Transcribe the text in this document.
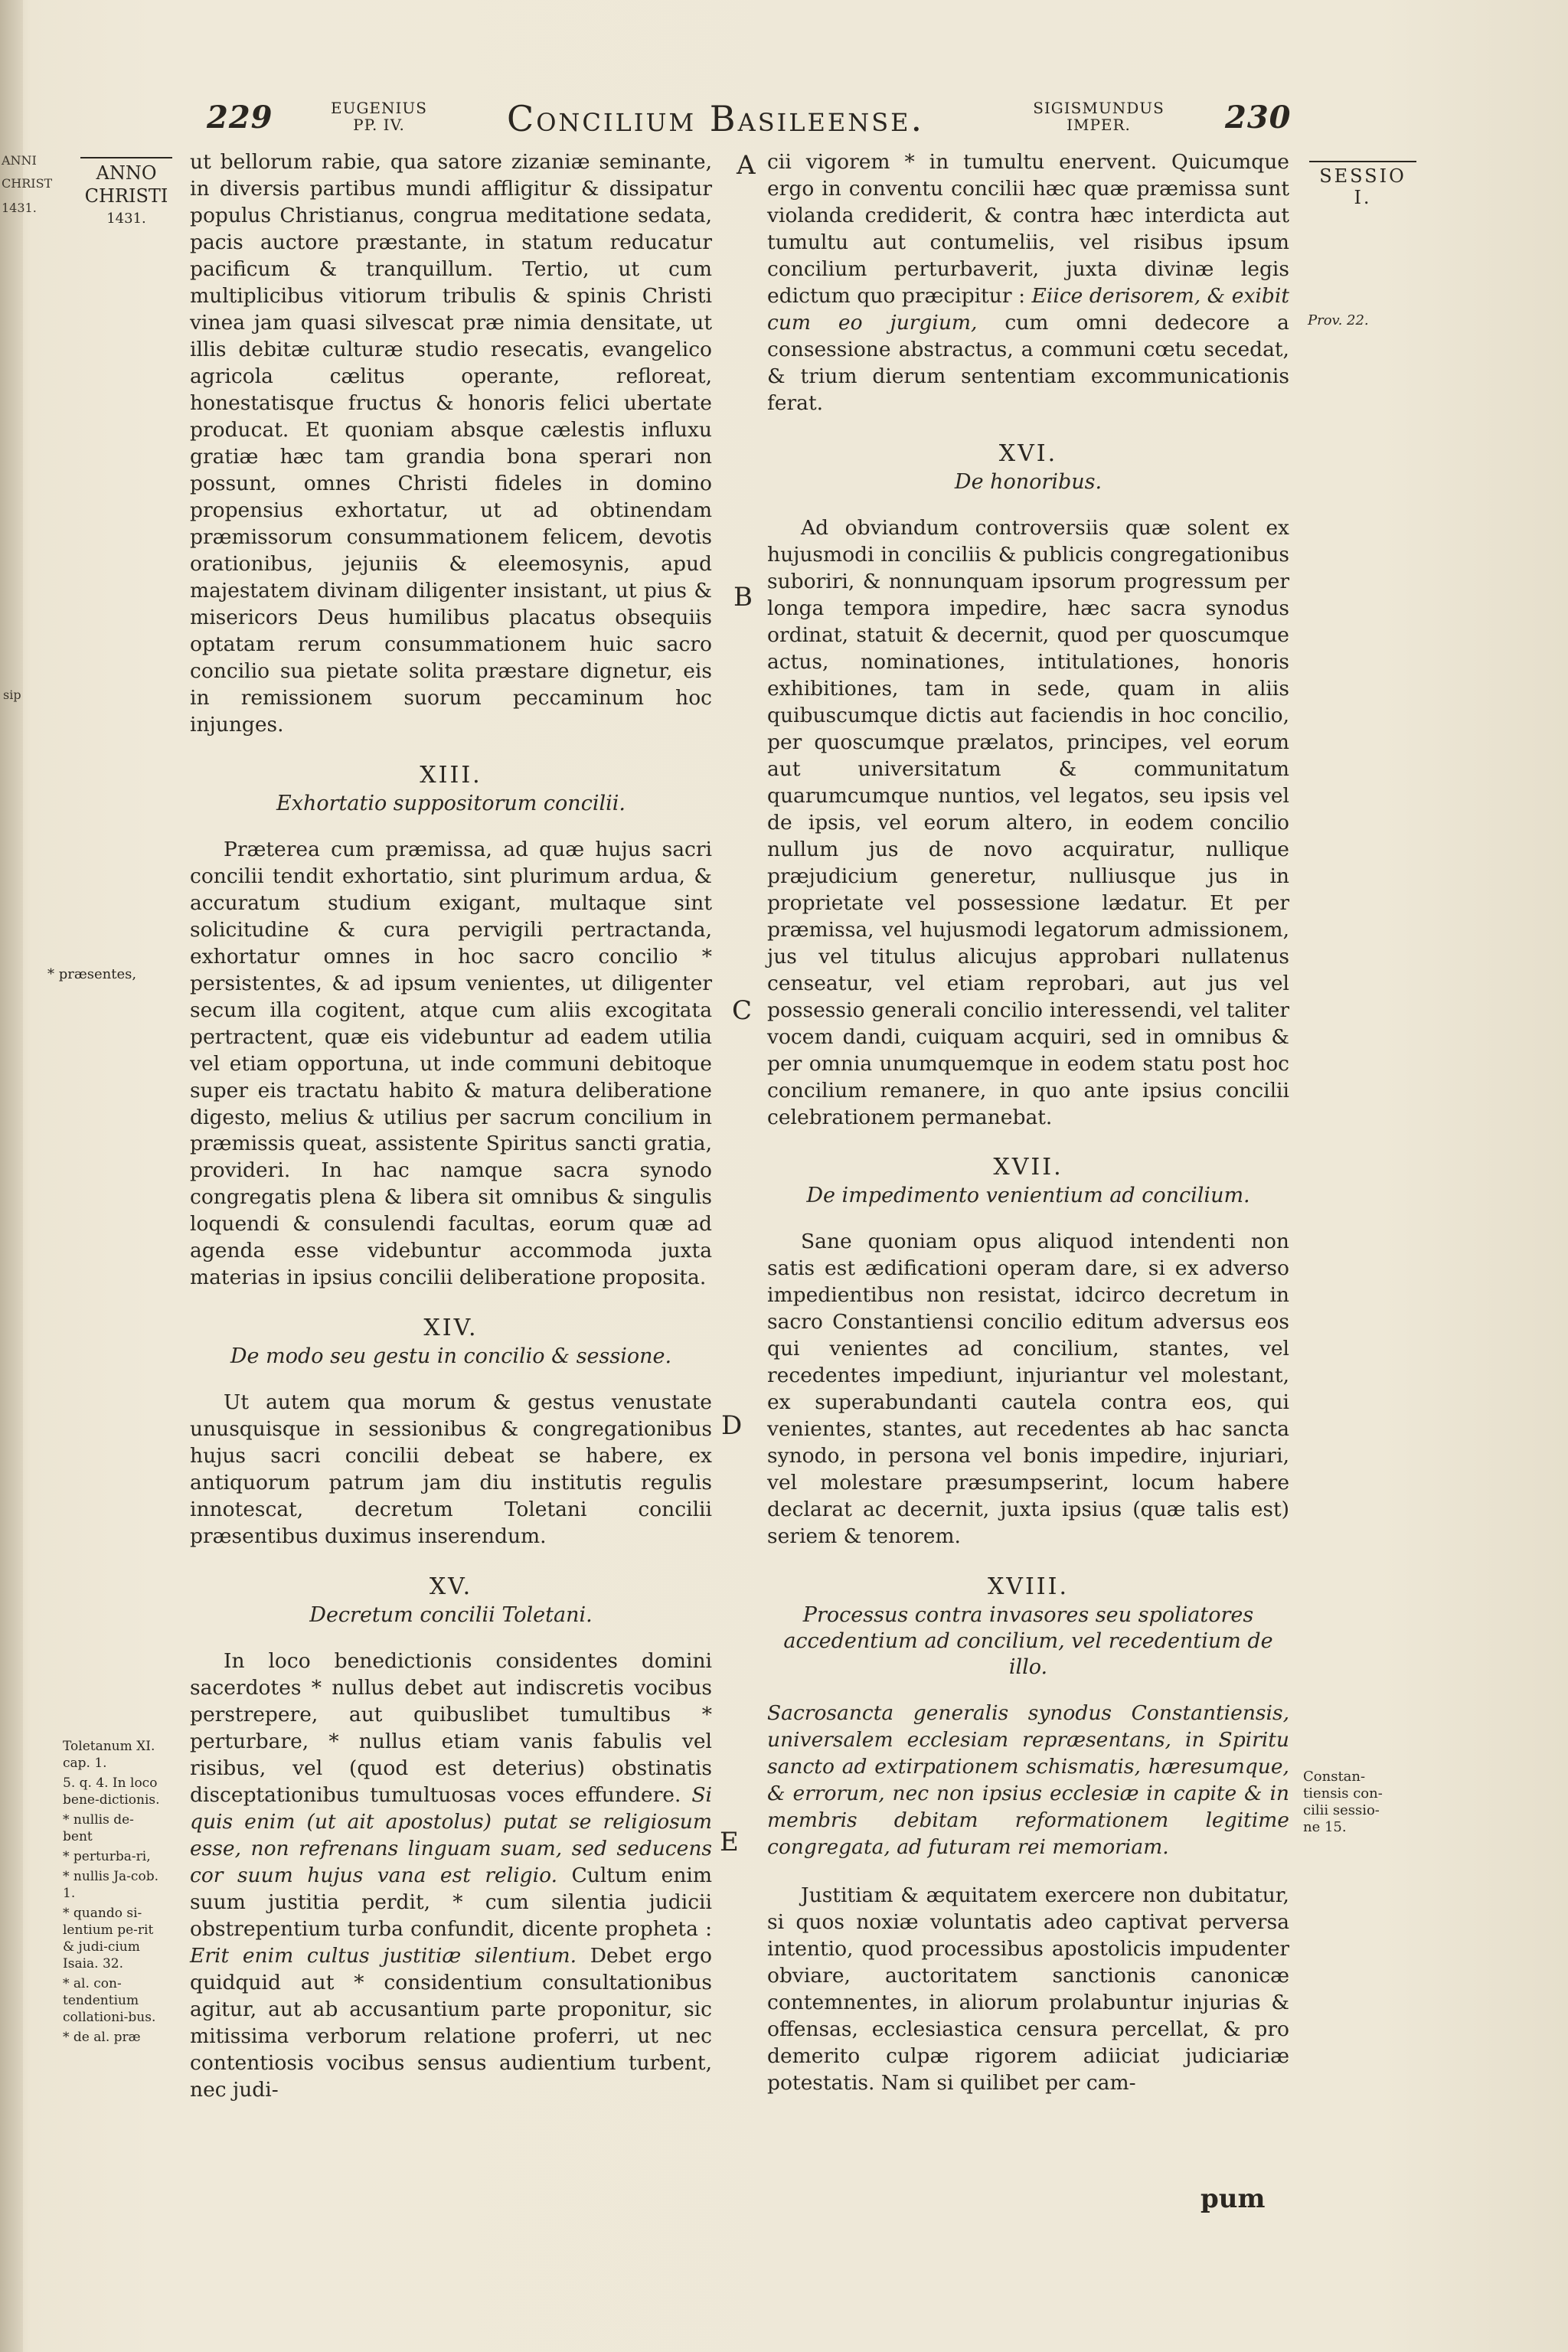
ANNI
CHRIST
1431.
sip
229	EUGENIUS
PP. IV.	Concilium Basileense.	SIGISMUNDUS
IMPER.	230
ANNO
CHRISTI
1431.
* præsentes,

Toletanum XI. cap. 1.

5. q. 4. In loco bene-dictionis.

* nullis de-bent

* perturba-ri,

* nullis Ja-cob. 1.

* quando si-lentium pe-rit & judi-cium Isaia. 32.

* al. con-tendentium collationi-bus.

* de al. præ

SESSIO
I.
Prov. 22.
Constan-
tiensis con-
cilii sessio-
ne 15.
A
B
C
D
E

ut bellorum rabie, qua satore zizaniæ seminante, in diversis partibus mundi affligitur & dissipatur populus Christianus, congrua meditatione sedata, pacis auctore præstante, in statum reducatur pacificum & tranquillum. Tertio, ut cum multiplicibus vitiorum tribulis & spinis Christi vinea jam quasi silvescat præ nimia densitate, ut illis debitæ culturæ studio resecatis, evangelico agricola cælitus operante, refloreat, honestatisque fructus & honoris felici ubertate producat. Et quoniam absque cælestis influxu gratiæ hæc tam grandia bona sperari non possunt, omnes Christi fideles in domino propensius exhortatur, ut ad obtinendam præmissorum consummationem felicem, devotis orationibus, jejuniis & eleemosynis, apud majestatem divinam diligenter insistant, ut pius & misericors Deus humilibus placatus obsequiis optatam rerum consummationem huic sacro concilio sua pietate solita præstare dignetur, eis in remissionem suorum peccaminum hoc injunges.

XIII.
Exhortatio suppositorum concilii.

Præterea cum præmissa, ad quæ hujus sacri concilii tendit exhortatio, sint plurimum ardua, & accuratum studium exigant, multaque sint solicitudine & cura pervigili pertractanda, exhortatur omnes in hoc sacro concilio * persistentes, & ad ipsum venientes, ut diligenter secum illa cogitent, atque cum aliis excogitata pertractent, quæ eis videbuntur ad eadem utilia vel etiam opportuna, ut inde communi debitoque super eis tractatu habito & matura deliberatione digesto, melius & utilius per sacrum concilium in præmissis queat, assistente Spiritus sancti gratia, provideri. In hac namque sacra synodo congregatis plena & libera sit omnibus & singulis loquendi & consulendi facultas, eorum quæ ad agenda esse videbuntur accommoda juxta materias in ipsius concilii deliberatione proposita.

XIV.
De modo seu gestu in concilio & sessione.

Ut autem qua morum & gestus venustate unusquisque in sessionibus & congregationibus hujus sacri concilii debeat se habere, ex antiquorum patrum jam diu institutis regulis innotescat, decretum Toletani concilii præsentibus duximus inserendum.

XV.
Decretum concilii Toletani.

In loco benedictionis considentes domini sacerdotes * nullus debet aut indiscretis vocibus perstrepere, aut quibuslibet tumultibus * perturbare, * nullus etiam vanis fabulis vel risibus, vel (quod est deterius) obstinatis disceptationibus tumultuosas voces effundere. Si quis enim (ut ait apostolus) putat se religiosum esse, non refrenans linguam suam, sed seducens cor suum hujus vana est religio. Cultum enim suum justitia perdit, * cum silentia judicii obstrepentium turba confundit, dicente propheta : Erit enim cultus justitiæ silentium. Debet ergo quidquid aut * considentium consultationibus agitur, aut ab accusantium parte proponitur, sic mitissima verborum relatione proferri, ut nec contentiosis vocibus sensus audientium turbent, nec judi-

cii vigorem * in tumultu enervent. Quicumque ergo in conventu concilii hæc quæ præmissa sunt violanda crediderit, & contra hæc interdicta aut tumultu aut contumeliis, vel risibus ipsum concilium perturbaverit, juxta divinæ legis edictum quo præcipitur : Eiice derisorem, & exibit cum eo jurgium, cum omni dedecore a consessione abstractus, a communi cœtu secedat, & trium dierum sententiam excommunicationis ferat.

XVI.
De honoribus.

Ad obviandum controversiis quæ solent ex hujusmodi in conciliis & publicis congregationibus suboriri, & nonnunquam ipsorum progressum per longa tempora impedire, hæc sacra synodus ordinat, statuit & decernit, quod per quoscumque actus, nominationes, intitulationes, honoris exhibitiones, tam in sede, quam in aliis quibuscumque dictis aut faciendis in hoc concilio, per quoscumque prælatos, principes, vel eorum aut universitatum & communitatum quarumcumque nuntios, vel legatos, seu ipsis vel de ipsis, vel eorum altero, in eodem concilio nullum jus de novo acquiratur, nullique præjudicium generetur, nulliusque jus in proprietate vel possessione lædatur. Et per præmissa, vel hujusmodi legatorum admissionem, jus vel titulus alicujus approbari nullatenus censeatur, vel etiam reprobari, aut jus vel possessio generali concilio interessendi, vel taliter vocem dandi, cuiquam acquiri, sed in omnibus & per omnia unumquemque in eodem statu post hoc concilium remanere, in quo ante ipsius concilii celebrationem permanebat.

XVII.
De impedimento venientium ad concilium.

Sane quoniam opus aliquod intendenti non satis est ædificationi operam dare, si ex adverso impedientibus non resistat, idcirco decretum in sacro Constantiensi concilio editum adversus eos qui venientes ad concilium, stantes, vel recedentes impediunt, injuriantur vel molestant, ex superabundanti cautela contra eos, qui venientes, stantes, aut recedentes ab hac sancta synodo, in persona vel bonis impedire, injuriari, vel molestare præsumpserint, locum habere declarat ac decernit, juxta ipsius (quæ talis est) seriem & tenorem.

XVIII.
Processus contra invasores seu spoliatores accedentium ad concilium, vel recedentium de illo.

Sacrosancta generalis synodus Constantiensis, universalem ecclesiam repræsentans, in Spiritu sancto ad extirpationem schismatis, hæresumque, & errorum, nec non ipsius ecclesiæ in capite & in membris debitam reformationem legitime congregata, ad futuram rei memoriam.

Justitiam & æquitatem exercere non dubitatur, si quos noxiæ voluntatis adeo captivat perversa intentio, quod processibus apostolicis impudenter obviare, auctoritatem sanctionis canonicæ contemnentes, in aliorum prolabuntur injurias & offensas, ecclesiastica censura percellat, & pro demerito culpæ rigorem adiiciat judiciariæ potestatis. Nam si quilibet per cam-

pum
